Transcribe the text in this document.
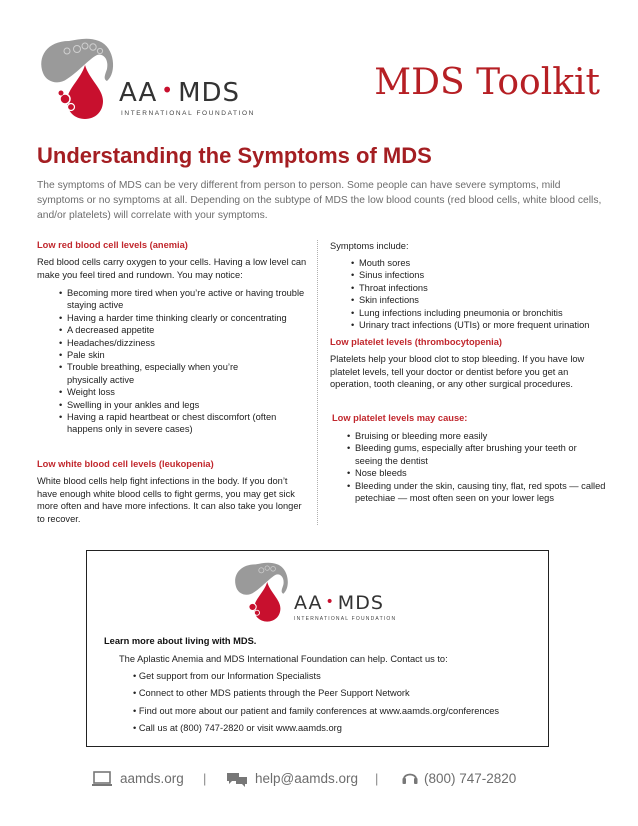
AA • MDS
INTERNATIONAL FOUNDATION
MDS Toolkit
Understanding the Symptoms of MDS
The symptoms of MDS can be very different from person to person. Some people can have severe symptoms, mild symptoms or no symptoms at all. Depending on the subtype of MDS the low blood counts (red blood cells, white blood cells, and/or platelets) will correlate with your symptoms.
Low red blood cell levels (anemia)
Red blood cells carry oxygen to your cells. Having a low level can make you feel tired and rundown. You may notice:
• Becoming more tired when you’re active or having trouble staying active
• Having a harder time thinking clearly or concentrating
• A decreased appetite
• Headaches/dizziness
• Pale skin
• Trouble breathing, especially when you’re physically active
• Weight loss
• Swelling in your ankles and legs
• Having a rapid heartbeat or chest discomfort (often happens only in severe cases)
Low white blood cell levels (leukopenia)
White blood cells help fight infections in the body. If you don’t have enough white blood cells to fight germs, you may get sick more often and have more infections. It can also take you longer to recover.
Symptoms include:
• Mouth sores
• Sinus infections
• Throat infections
• Skin infections
• Lung infections including pneumonia or bronchitis
• Urinary tract infections (UTIs) or more frequent urination
Low platelet levels (thrombocytopenia)
Platelets help your blood clot to stop bleeding. If you have low platelet levels, tell your doctor or dentist before you get an operation, tooth cleaning, or any other surgical procedures.
Low platelet levels may cause:
• Bruising or bleeding more easily
• Bleeding gums, especially after brushing your teeth or seeing the dentist
• Nose bleeds
• Bleeding under the skin, causing tiny, flat, red spots — called petechiae — most often seen on your lower legs
AA • MDS
INTERNATIONAL FOUNDATION
Learn more about living with MDS.
The Aplastic Anemia and MDS International Foundation can help. Contact us to:
• Get support from our Information Specialists
• Connect to other MDS patients through the Peer Support Network
• Find out more about our patient and family conferences at www.aamds.org/conferences
• Call us at (800) 747-2820 or visit www.aamds.org
aamds.org |	help@aamds.org |	(800) 747-2820
